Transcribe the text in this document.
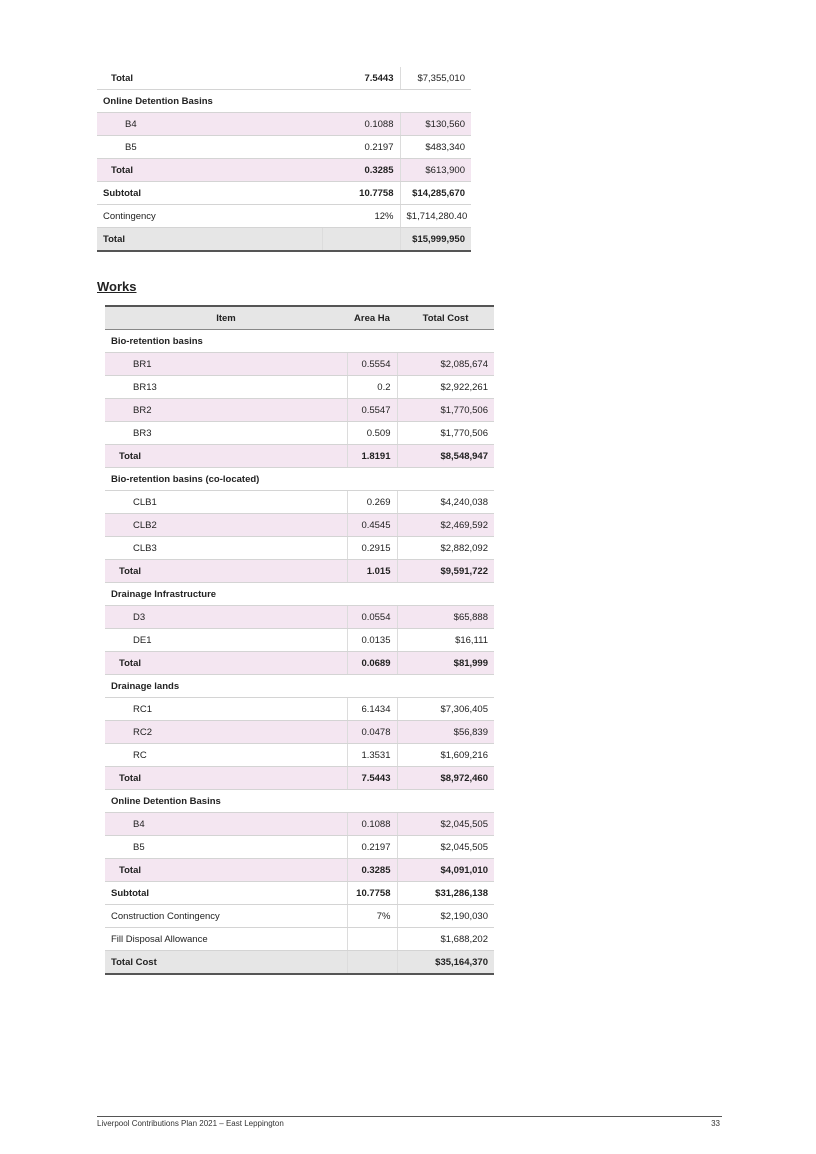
Total	7.5443	$7,355,010
Online Detention Basins		
B4	0.1088	$130,560
B5	0.2197	$483,340
Total	0.3285	$613,900
Subtotal	10.7758	$14,285,670
Contingency	12%	$1,714,280.40
Total		$15,999,950
Works
Item	Area Ha	Total Cost
Bio-retention basins		
BR1	0.5554	$2,085,674
BR13	0.2	$2,922,261
BR2	0.5547	$1,770,506
BR3	0.509	$1,770,506
Total	1.8191	$8,548,947
Bio-retention basins (co-located)		
CLB1	0.269	$4,240,038
CLB2	0.4545	$2,469,592
CLB3	0.2915	$2,882,092
Total	1.015	$9,591,722
Drainage Infrastructure		
D3	0.0554	$65,888
DE1	0.0135	$16,111
Total	0.0689	$81,999
Drainage lands		
RC1	6.1434	$7,306,405
RC2	0.0478	$56,839
RC	1.3531	$1,609,216
Total	7.5443	$8,972,460
Online Detention Basins		
B4	0.1088	$2,045,505
B5	0.2197	$2,045,505
Total	0.3285	$4,091,010
Subtotal	10.7758	$31,286,138
Construction Contingency	7%	$2,190,030
Fill Disposal Allowance		$1,688,202
Total Cost		$35,164,370
Liverpool Contributions Plan 2021 – East Leppington	33
